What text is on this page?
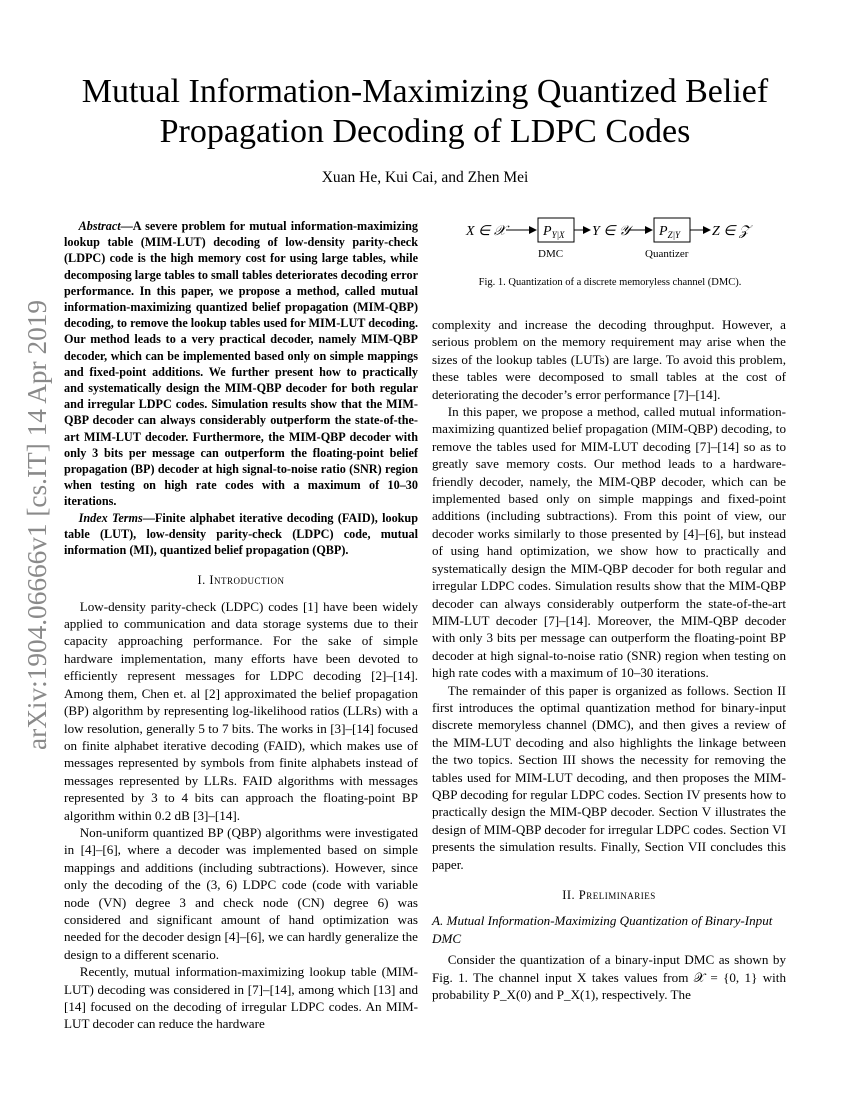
arXiv:1904.06666v1 [cs.IT] 14 Apr 2019
Mutual Information-Maximizing Quantized Belief Propagation Decoding of LDPC Codes
Xuan He, Kui Cai, and Zhen Mei
X ∈ 𝒳	$P_{Y|X}$
DMC
Y ∈ 𝒴 $P_{Z|Y}$
Quantizer
Z ∈ 𝒵
Fig. 1. Quantization of a discrete memoryless channel (DMC).

Abstract—A severe problem for mutual information-maximizing lookup table (MIM-LUT) decoding of low-density parity-check (LDPC) code is the high memory cost for using large tables, while decomposing large tables to small tables deteriorates decoding error performance. In this paper, we propose a method, called mutual information-maximizing quantized belief propagation (MIM-QBP) decoding, to remove the lookup tables used for MIM-LUT decoding. Our method leads to a very practical decoder, namely MIM-QBP decoder, which can be implemented based only on simple mappings and fixed-point additions. We further present how to practically and systematically design the MIM-QBP decoder for both regular and irregular LDPC codes. Simulation results show that the MIM-QBP decoder can always considerably outperform the state-of-the-art MIM-LUT decoder. Furthermore, the MIM-QBP decoder with only 3 bits per message can outperform the floating-point belief propagation (BP) decoder at high signal-to-noise ratio (SNR) region when testing on high rate codes with a maximum of 10–30 iterations.

Index Terms—Finite alphabet iterative decoding (FAID), lookup table (LUT), low-density parity-check (LDPC) code, mutual information (MI), quantized belief propagation (QBP).

I. Introduction

Low-density parity-check (LDPC) codes [1] have been widely applied to communication and data storage systems due to their capacity approaching performance. For the sake of simple hardware implementation, many efforts have been devoted to efficiently represent messages for LDPC decoding [2]–[14]. Among them, Chen et. al [2] approximated the belief propagation (BP) algorithm by representing log-likelihood ratios (LLRs) with a low resolution, generally 5 to 7 bits. The works in [3]–[14] focused on finite alphabet iterative decoding (FAID), which makes use of messages represented by symbols from finite alphabets instead of messages represented by LLRs. FAID algorithms with messages represented by 3 to 4 bits can approach the floating-point BP algorithm within 0.2 dB [3]–[14].

Non-uniform quantized BP (QBP) algorithms were investigated in [4]–[6], where a decoder was implemented based on simple mappings and additions (including subtractions). However, since only the decoding of the (3, 6) LDPC code (code with variable node (VN) degree 3 and check node (CN) degree 6) was considered and significant amount of hand optimization was needed for the decoder design [4]–[6], we can hardly generalize the design to a different scenario.

Recently, mutual information-maximizing lookup table (MIM-LUT) decoding was considered in [7]–[14], among which [13] and [14] focused on the decoding of irregular LDPC codes. An MIM-LUT decoder can reduce the hardware

complexity and increase the decoding throughput. However, a serious problem on the memory requirement may arise when the sizes of the lookup tables (LUTs) are large. To avoid this problem, these tables were decomposed to small tables at the cost of deteriorating the decoder’s error performance [7]–[14].

In this paper, we propose a method, called mutual information-maximizing quantized belief propagation (MIM-QBP) decoding, to remove the tables used for MIM-LUT decoding [7]–[14] so as to greatly save memory costs. Our method leads to a hardware-friendly decoder, namely, the MIM-QBP decoder, which can be implemented based only on simple mappings and fixed-point additions (including subtractions). From this point of view, our decoder works similarly to those presented by [4]–[6], but instead of using hand optimization, we show how to practically and systematically design the MIM-QBP decoder for both regular and irregular LDPC codes. Simulation results show that the MIM-QBP decoder can always considerably outperform the state-of-the-art MIM-LUT decoder [7]–[14]. Moreover, the MIM-QBP decoder with only 3 bits per message can outperform the floating-point BP decoder at high signal-to-noise ratio (SNR) region when testing on high rate codes with a maximum of 10–30 iterations.

The remainder of this paper is organized as follows. Section II first introduces the optimal quantization method for binary-input discrete memoryless channel (DMC), and then gives a review of the MIM-LUT decoding and also highlights the linkage between the two topics. Section III shows the necessity for removing the tables used for MIM-LUT decoding, and then proposes the MIM-QBP decoding for regular LDPC codes. Section IV presents how to practically design the MIM-QBP decoder. Section V illustrates the design of MIM-QBP decoder for irregular LDPC codes. Section VI presents the simulation results. Finally, Section VII concludes this paper.

II. Preliminaries
A. Mutual Information-Maximizing Quantization of Binary-Input DMC

Consider the quantization of a binary-input DMC as shown by Fig. 1. The channel input X takes values from 𝒳 = {0, 1} with probability P_X(0) and P_X(1), respectively. The
